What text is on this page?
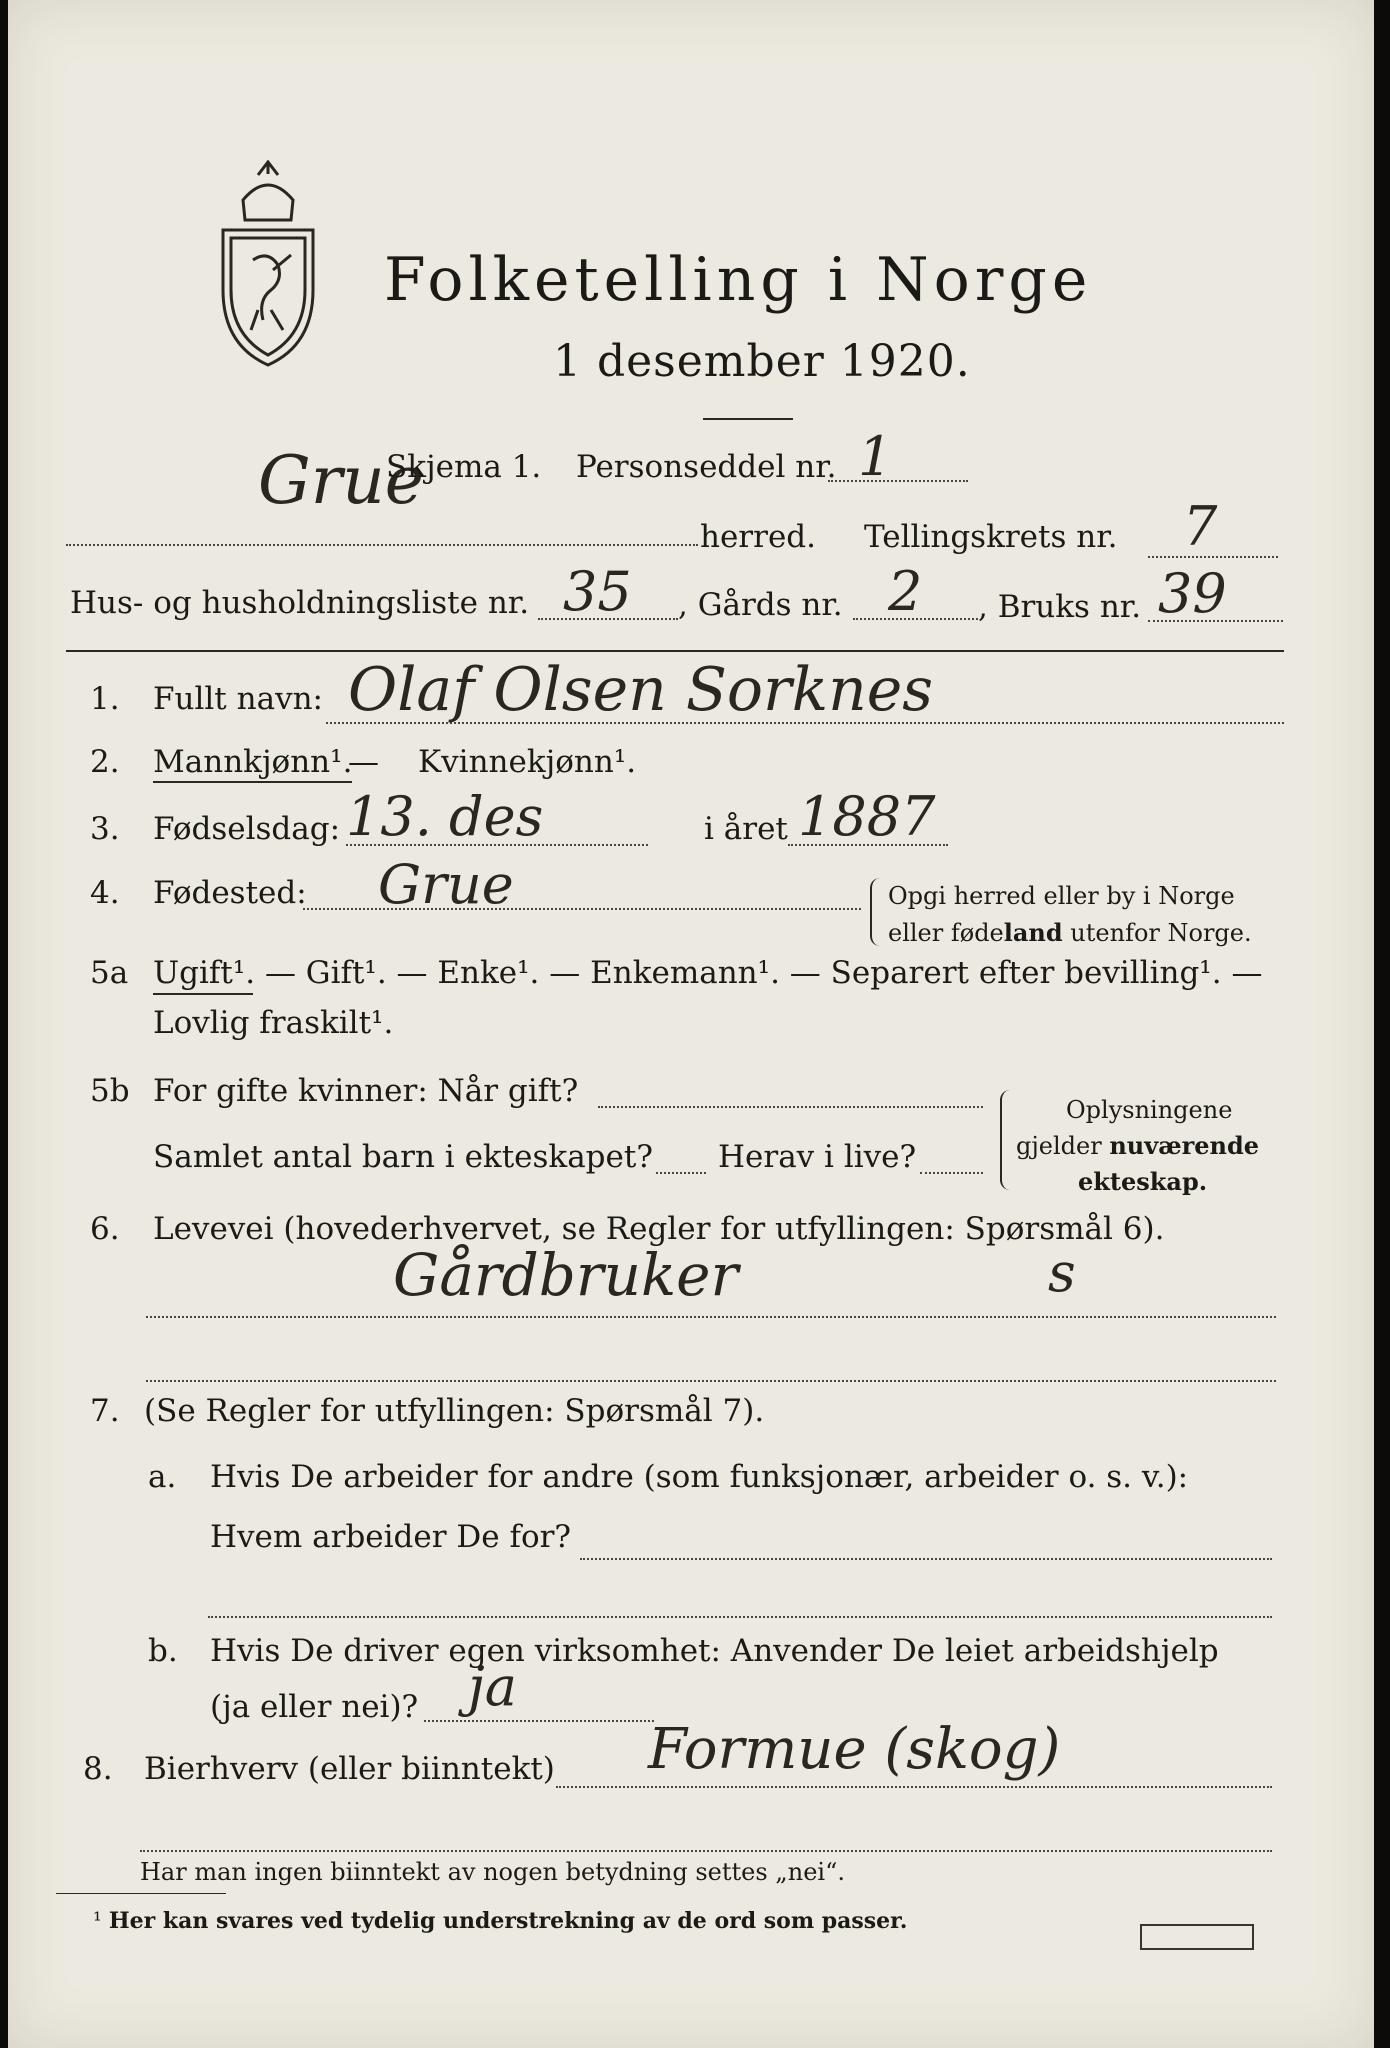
Folketelling i Norge
1 desember 1920.
Grue
Skjema 1. Personseddel nr. 1
herred. Tellingskrets nr. 7
Hus- og husholdningsliste nr. 35 , Gårds nr. 2 , Bruks nr. 39
1. Fullt navn: Olaf Olsen Sorknes
2. Mannkjønn¹.
— Kvinnekjønn¹.
3. Fødselsdag: 13. des	i året 1887
4. Fødested: Grue	Opgi herred eller by i Norge
eller fødeland utenfor Norge.
5a Ugift¹. — Gift¹. — Enke¹. — Enkemann¹. — Separert efter bevilling¹. —
Lovlig fraskilt¹.
5b For gifte kvinner: Når gift?
Samlet antal barn i ekteskapet? Herav i live?
Oplysningene
gjelder nuværende
ekteskap.
6. Levevei (hovederhvervet, se Regler for utfyllingen: Spørsmål 6).
Gårdbruker	s
7. (Se Regler for utfyllingen: Spørsmål 7).
a. Hvis De arbeider for andre (som funksjonær, arbeider o. s. v.):
Hvem arbeider De for?
b. Hvis De driver egen virksomhet: Anvender De leiet arbeidshjelp
(ja eller nei)? ja
8. Bierhverv (eller biinntekt) Formue (skog)
Har man ingen biinntekt av nogen betydning settes „nei“.
¹ Her kan svares ved tydelig understrekning av de ord som passer.
